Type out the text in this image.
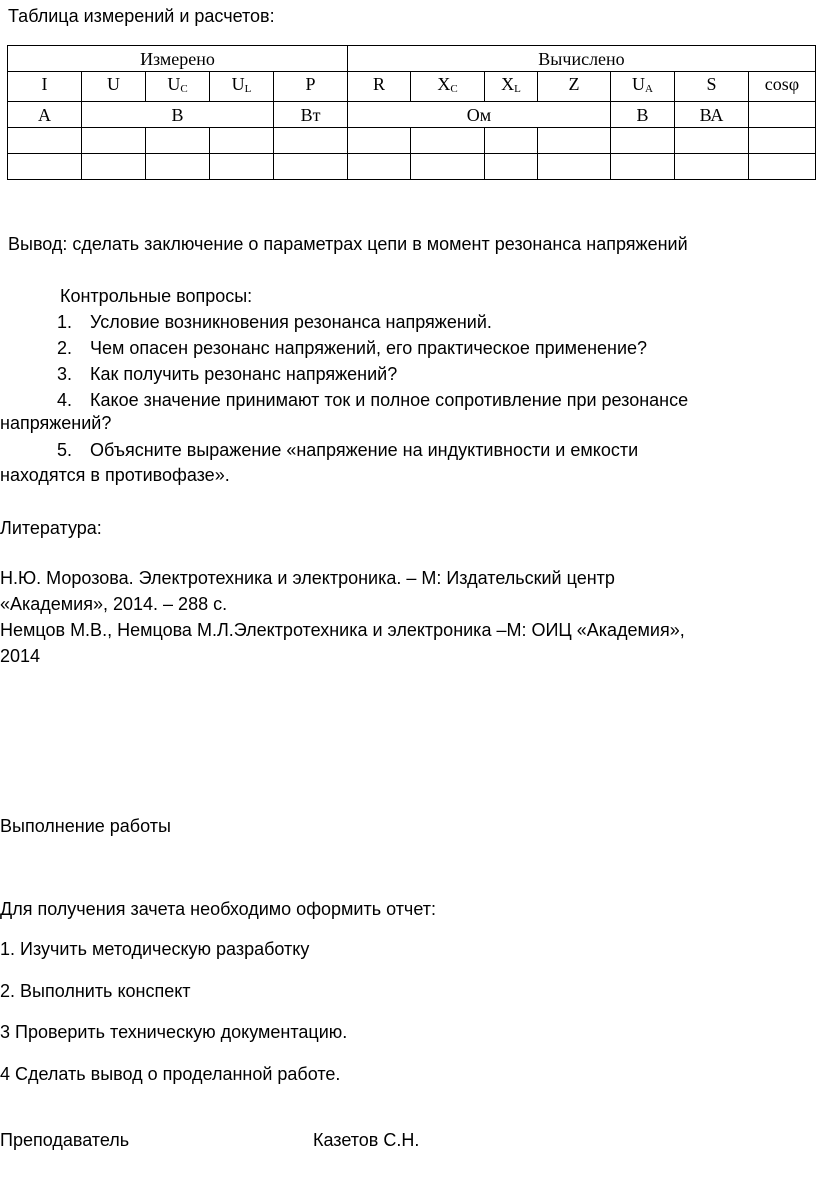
Таблица измерений и расчетов:
Измерено					Вычислено						
I	U	$U_C$	$U_L$	P	R	$X_C$	$X_L$	Z	$U_A$	S	cosφ
А	В			Вт	Ом				В	ВА	

Вывод: сделать заключение о параметрах цепи в момент резонанса напряжений
Контрольные вопросы:
1. Условие возникновения резонанса напряжений.
2. Чем опасен резонанс напряжений, его практическое применение?
3. Как получить резонанс напряжений?
4. Какое значение принимают ток и полное сопротивление при резонансе
напряжений?
5. Объясните выражение «напряжение на индуктивности и емкости
находятся в противофазе».
Литература:
Н.Ю. Морозова. Электротехника и электроника. – М: Издательский центр
«Академия», 2014. – 288 с.
Немцов М.В., Немцова М.Л.Электротехника и электроника –М: ОИЦ «Академия»,
2014
Выполнение работы
Для получения зачета необходимо оформить отчет:
1. Изучить методическую разработку
2. Выполнить конспект
3 Проверить техническую документацию.
4 Сделать вывод о проделанной работе.
Преподаватель	Казетов С.Н.
